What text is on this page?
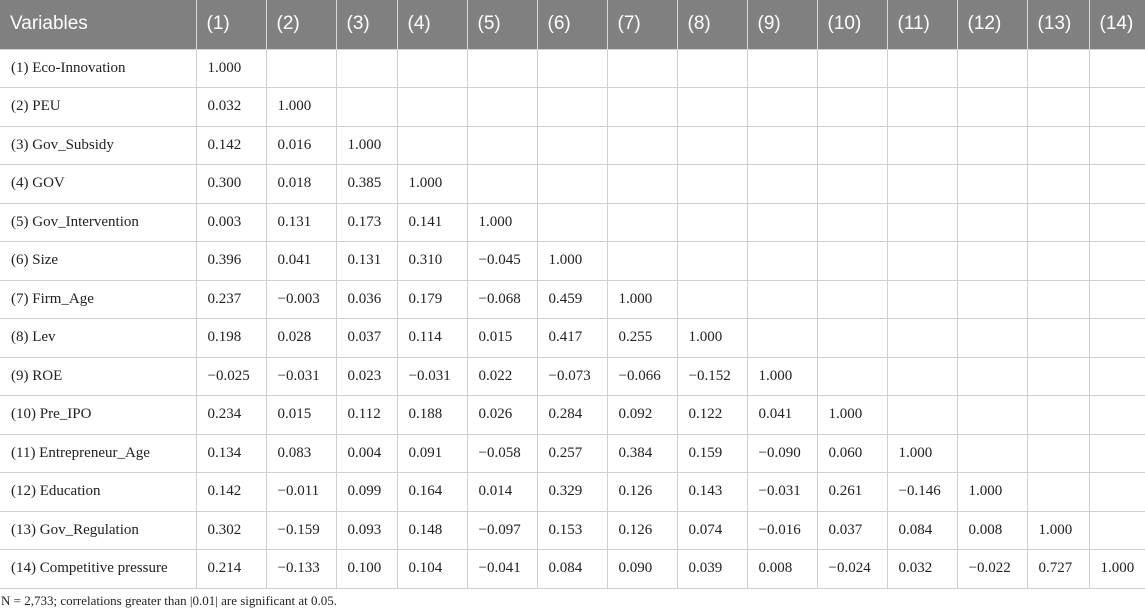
Variables	(1)	(2)	(3)	(4)	(5)	(6)	(7)	(8)	(9)	(10)	(11)	(12)	(13)	(14)
(1) Eco-Innovation	1.000													
(2) PEU	0.032	1.000												
(3) Gov_Subsidy	0.142	0.016	1.000											
(4) GOV	0.300	0.018	0.385	1.000										
(5) Gov_Intervention	0.003	0.131	0.173	0.141	1.000									
(6) Size	0.396	0.041	0.131	0.310	−0.045	1.000								
(7) Firm_Age	0.237	−0.003	0.036	0.179	−0.068	0.459	1.000							
(8) Lev	0.198	0.028	0.037	0.114	0.015	0.417	0.255	1.000						
(9) ROE	−0.025	−0.031	0.023	−0.031	0.022	−0.073	−0.066	−0.152	1.000					
(10) Pre_IPO	0.234	0.015	0.112	0.188	0.026	0.284	0.092	0.122	0.041	1.000				
(11) Entrepreneur_Age	0.134	0.083	0.004	0.091	−0.058	0.257	0.384	0.159	−0.090	0.060	1.000			
(12) Education	0.142	−0.011	0.099	0.164	0.014	0.329	0.126	0.143	−0.031	0.261	−0.146	1.000		
(13) Gov_Regulation	0.302	−0.159	0.093	0.148	−0.097	0.153	0.126	0.074	−0.016	0.037	0.084	0.008	1.000	
(14) Competitive pressure	0.214	−0.133	0.100	0.104	−0.041	0.084	0.090	0.039	0.008	−0.024	0.032	−0.022	0.727	1.000

N = 2,733; correlations greater than |0.01| are significant at 0.05.
